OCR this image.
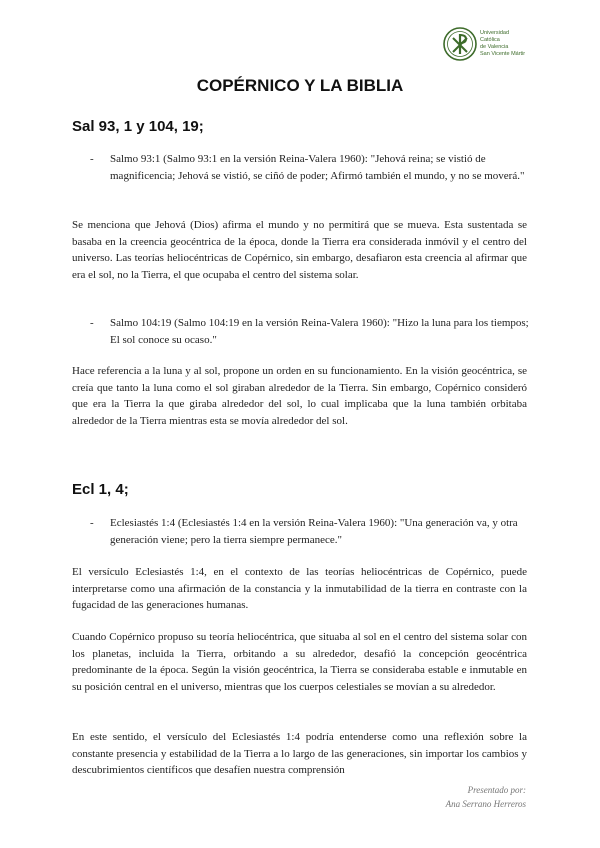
Universidad
Católica
de Valencia
San Vicente Mártir
COPÉRNICO Y LA BIBLIA
Sal 93, 1 y 104, 19;
- Salmo 93:1 (Salmo 93:1 en la versión Reina-Valera 1960): "Jehová reina; se vistió de magnificencia; Jehová se vistió, se ciñó de poder; Afirmó también el mundo, y no se moverá."

Se menciona que Jehová (Dios) afirma el mundo y no permitirá que se mueva. Esta sustentada se basaba en la creencia geocéntrica de la época, donde la Tierra era considerada inmóvil y el centro del universo. Las teorías heliocéntricas de Copérnico, sin embargo, desafiaron esta creencia al afirmar que era el sol, no la Tierra, el que ocupaba el centro del sistema solar.

- Salmo 104:19 (Salmo 104:19 en la versión Reina-Valera 1960): "Hizo la luna para los tiempos; El sol conoce su ocaso."

Hace referencia a la luna y al sol, propone un orden en su funcionamiento. En la visión geocéntrica, se creía que tanto la luna como el sol giraban alrededor de la Tierra. Sin embargo, Copérnico consideró que era la Tierra la que giraba alrededor del sol, lo cual implicaba que la luna también orbitaba alrededor de la Tierra mientras esta se movía alrededor del sol.

Ecl 1, 4;
- Eclesiastés 1:4 (Eclesiastés 1:4 en la versión Reina-Valera 1960): "Una generación va, y otra generación viene; pero la tierra siempre permanece."

El versículo Eclesiastés 1:4, en el contexto de las teorías heliocéntricas de Copérnico, puede interpretarse como una afirmación de la constancia y la inmutabilidad de la tierra en contraste con la fugacidad de las generaciones humanas.

Cuando Copérnico propuso su teoría heliocéntrica, que situaba al sol en el centro del sistema solar con los planetas, incluida la Tierra, orbitando a su alrededor, desafió la concepción geocéntrica predominante de la época. Según la visión geocéntrica, la Tierra se consideraba estable e inmutable en su posición central en el universo, mientras que los cuerpos celestiales se movían a su alrededor.

En este sentido, el versículo del Eclesiastés 1:4 podría entenderse como una reflexión sobre la constante presencia y estabilidad de la Tierra a lo largo de las generaciones, sin importar los cambios y descubrimientos científicos que desafíen nuestra comprensión

Presentado por:
Ana Serrano Herreros
